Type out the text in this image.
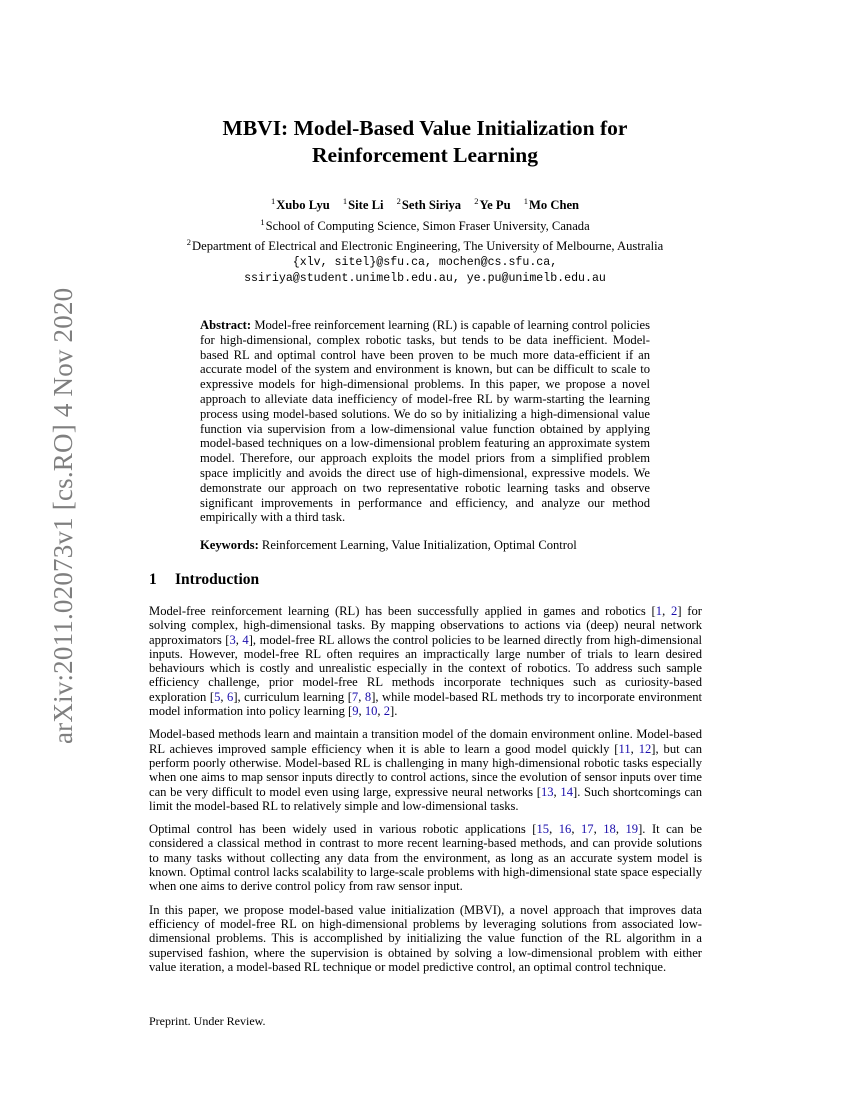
arXiv:2011.02073v1 [cs.RO] 4 Nov 2020
MBVI: Model-Based Value Initialization for
Reinforcement Learning
$^1$Xubo Lyu $^1$Site Li $^2$Seth Siriya $^2$Ye Pu $^1$Mo Chen
$^1$School of Computing Science, Simon Fraser University, Canada
$^2$Department of Electrical and Electronic Engineering, The University of Melbourne, Australia
{xlv, sitel}@sfu.ca, mochen@cs.sfu.ca,
ssiriya@student.unimelb.edu.au, ye.pu@unimelb.edu.au
Abstract: Model-free reinforcement learning (RL) is capable of learning control policies for high-dimensional, complex robotic tasks, but tends to be data inefficient. Model-based RL and optimal control have been proven to be much more data-efficient if an accurate model of the system and environment is known, but can be difficult to scale to expressive models for high-dimensional problems. In this paper, we propose a novel approach to alleviate data inefficiency of model-free RL by warm-starting the learning process using model-based solutions. We do so by initializing a high-dimensional value function via supervision from a low-dimensional value function obtained by applying model-based techniques on a low-dimensional problem featuring an approximate system model. Therefore, our approach exploits the model priors from a simplified problem space implicitly and avoids the direct use of high-dimensional, expressive models. We demonstrate our approach on two representative robotic learning tasks and observe significant improvements in performance and efficiency, and analyze our method empirically with a third task.
Keywords: Reinforcement Learning, Value Initialization, Optimal Control
1 Introduction

Model-free reinforcement learning (RL) has been successfully applied in games and robotics [1, 2] for solving complex, high-dimensional tasks. By mapping observations to actions via (deep) neural network approximators [3, 4], model-free RL allows the control policies to be learned directly from high-dimensional inputs. However, model-free RL often requires an impractically large number of trials to learn desired behaviours which is costly and unrealistic especially in the context of robotics. To address such sample efficiency challenge, prior model-free RL methods incorporate techniques such as curiosity-based exploration [5, 6], curriculum learning [7, 8], while model-based RL methods try to incorporate environment model information into policy learning [9, 10, 2].

Model-based methods learn and maintain a transition model of the domain environment online. Model-based RL achieves improved sample efficiency when it is able to learn a good model quickly [11, 12], but can perform poorly otherwise. Model-based RL is challenging in many high-dimensional robotic tasks especially when one aims to map sensor inputs directly to control actions, since the evolution of sensor inputs over time can be very difficult to model even using large, expressive neural networks [13, 14]. Such shortcomings can limit the model-based RL to relatively simple and low-dimensional tasks.

Optimal control has been widely used in various robotic applications [15, 16, 17, 18, 19]. It can be considered a classical method in contrast to more recent learning-based methods, and can provide solutions to many tasks without collecting any data from the environment, as long as an accurate system model is known. Optimal control lacks scalability to large-scale problems with high-dimensional state space especially when one aims to derive control policy from raw sensor input.

In this paper, we propose model-based value initialization (MBVI), a novel approach that improves data efficiency of model-free RL on high-dimensional problems by leveraging solutions from associated low-dimensional problems. This is accomplished by initializing the value function of the RL algorithm in a supervised fashion, where the supervision is obtained by solving a low-dimensional problem with either value iteration, a model-based RL technique or model predictive control, an optimal control technique.

Preprint. Under Review.
